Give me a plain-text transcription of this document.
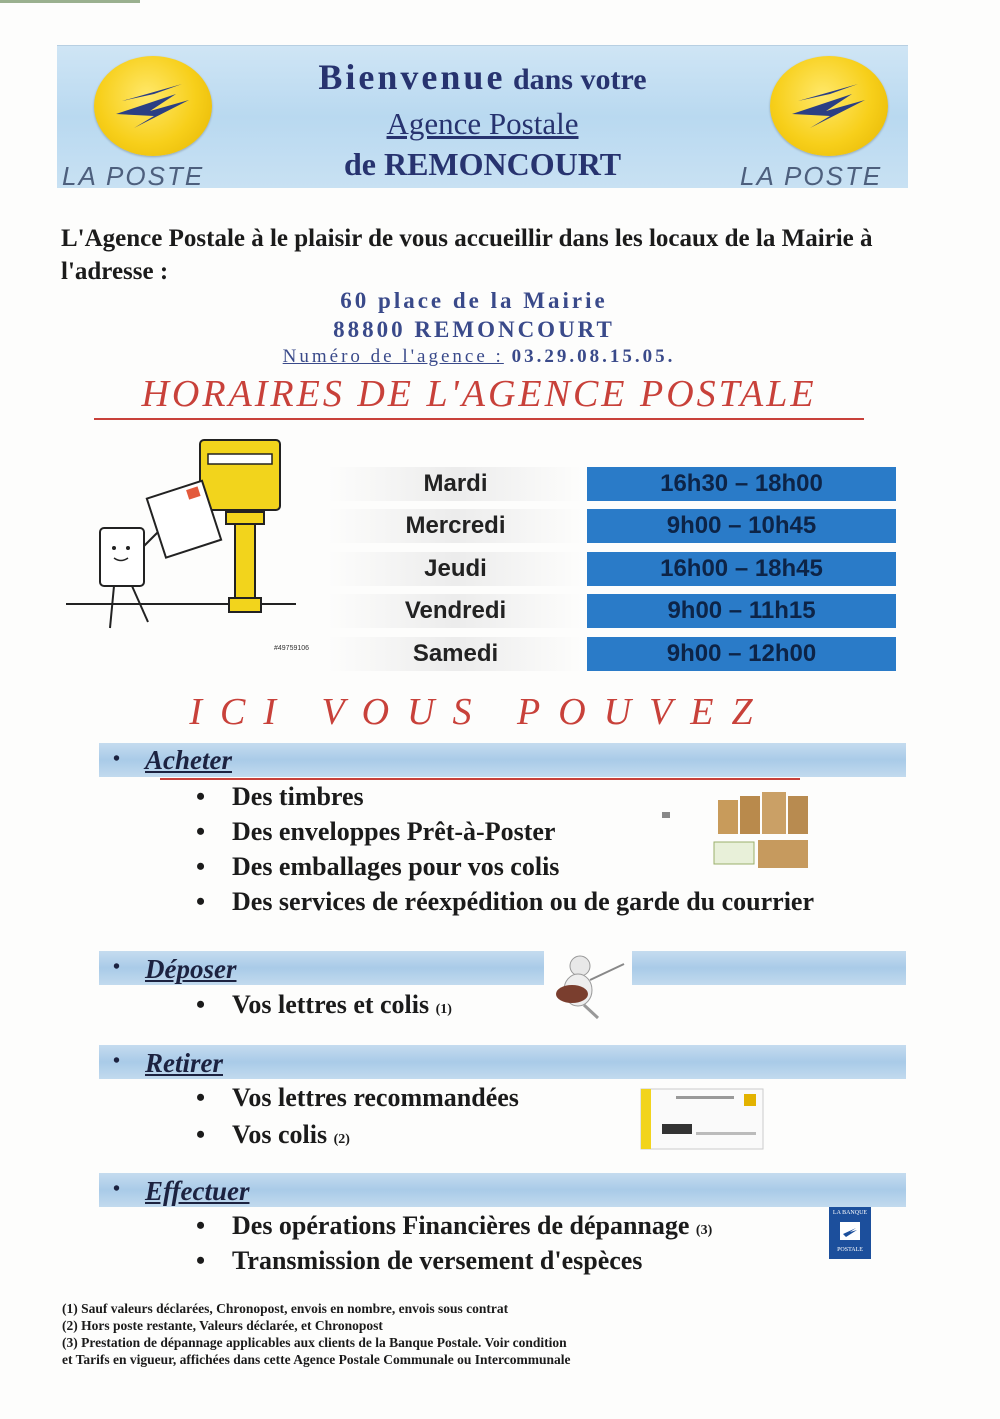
LA POSTE	LA POSTE
Bienvenue dans votre
Agence Postale
de REMONCOURT
L'Agence Postale à le plaisir de vous accueillir dans les locaux de la Mairie à l'adresse :
60 place de la Mairie
88800 REMONCOURT
Numéro de l'agence : 03.29.08.15.05.
HORAIRES DE L'AGENCE POSTALE
#49759106
Mardi	16h30 – 18h00
Mercredi	9h00 – 10h45
Jeudi	16h00 – 18h45
Vendredi	9h00 – 11h15
Samedi	9h00 – 12h00
ICI VOUS POUVEZ
• Acheter
• Des timbres
• Des enveloppes Prêt-à-Poster
• Des emballages pour vos colis
• Des services de réexpédition ou de garde du courrier
• Déposer
• Vos lettres et colis (1)
• Retirer
• Vos lettres recommandées
• Vos colis (2)
• Effectuer
• Des opérations Financières de dépannage (3)
• Transmission de versement d'espèces
LA BANQUE
POSTALE
(1) Sauf valeurs déclarées, Chronopost, envois en nombre, envois sous contrat
(2) Hors poste restante, Valeurs déclarée, et Chronopost
(3) Prestation de dépannage applicables aux clients de la Banque Postale. Voir condition
et Tarifs en vigueur, affichées dans cette Agence Postale Communale ou Intercommunale
